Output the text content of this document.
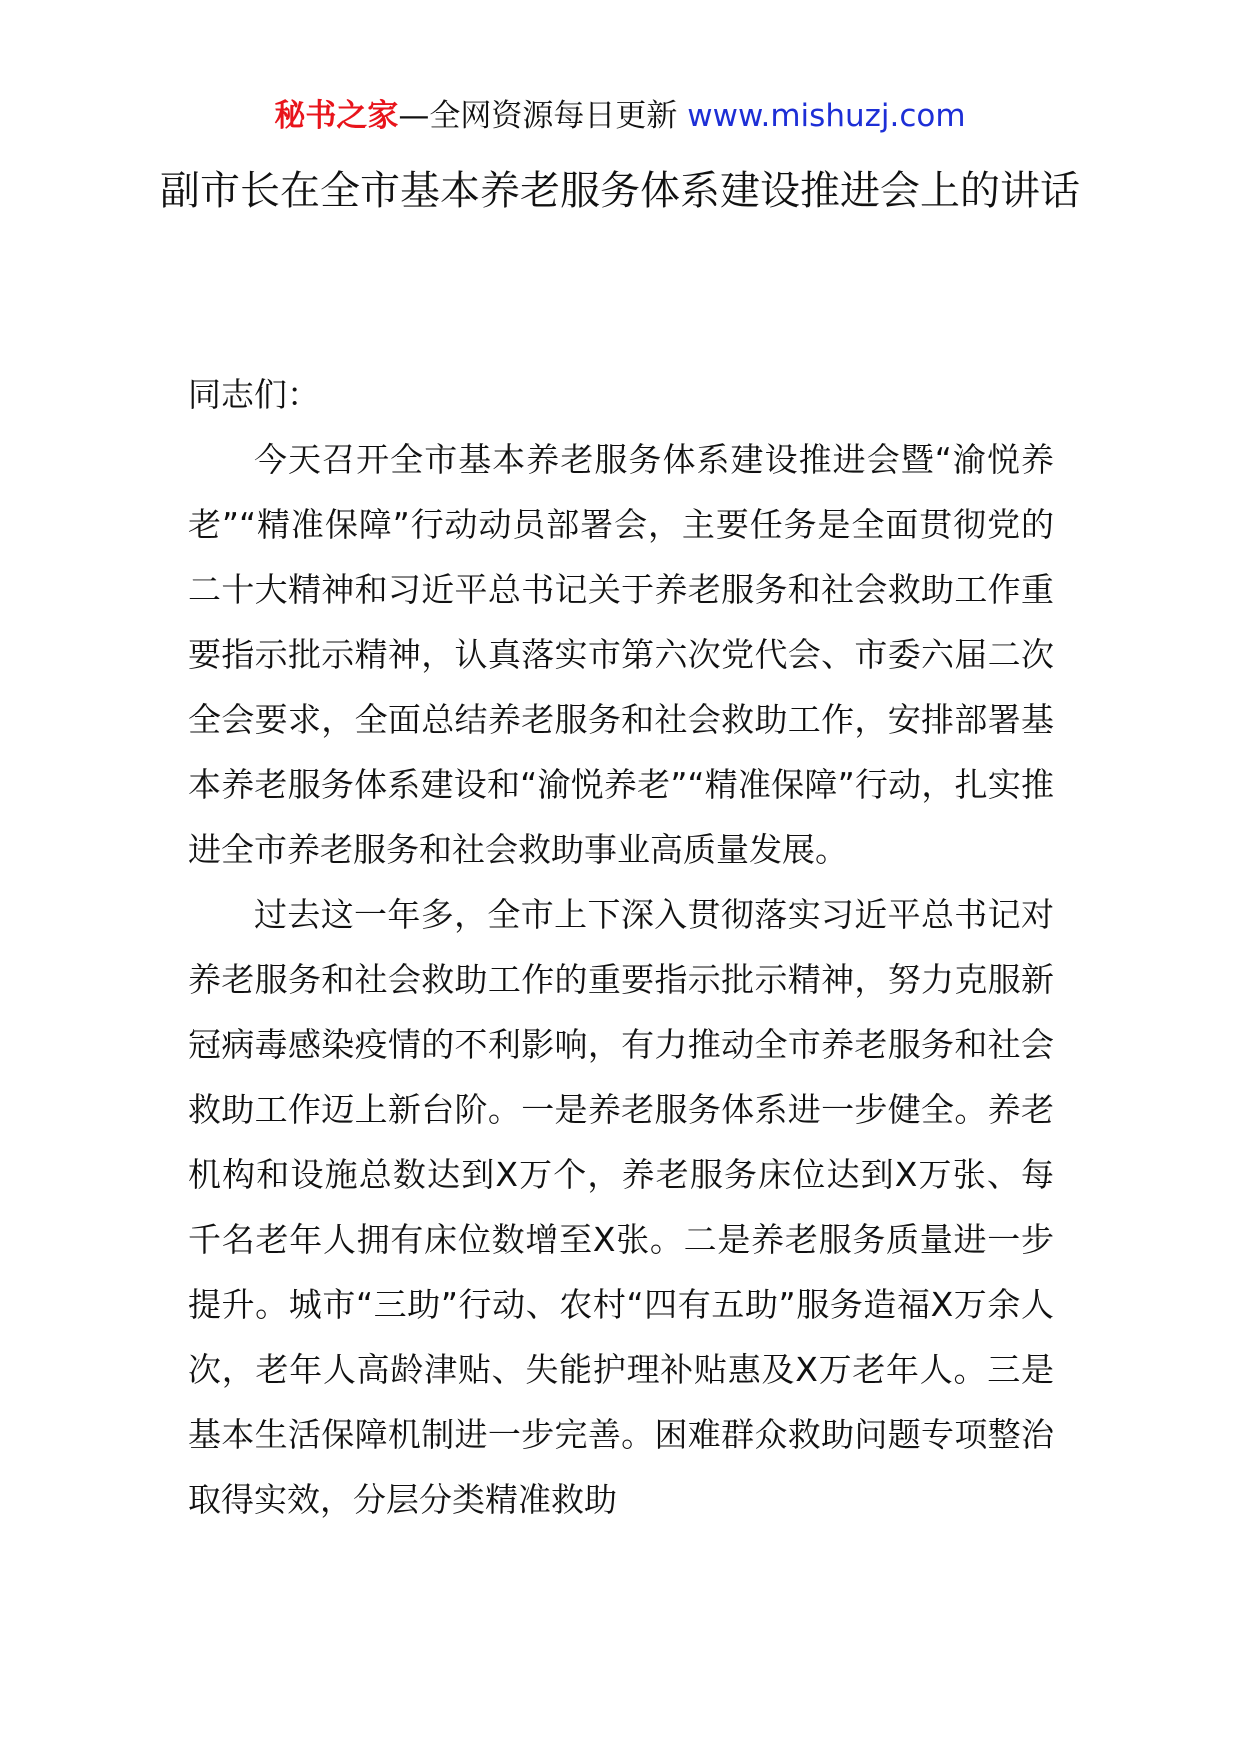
秘书之家—全网资源每日更新 www.mishuzj.com
副市长在全市基本养老服务体系建设推进会上的讲话

同志们：

今天召开全市基本养老服务体系建设推进会暨“渝悦养老”“精准保障”行动动员部署会，主要任务是全面贯彻党的二十大精神和习近平总书记关于养老服务和社会救助工作重要指示批示精神，认真落实市第六次党代会、市委六届二次全会要求，全面总结养老服务和社会救助工作，安排部署基本养老服务体系建设和“渝悦养老”“精准保障”行动，扎实推进全市养老服务和社会救助事业高质量发展。

过去这一年多，全市上下深入贯彻落实习近平总书记对养老服务和社会救助工作的重要指示批示精神，努力克服新冠病毒感染疫情的不利影响，有力推动全市养老服务和社会救助工作迈上新台阶。一是养老服务体系进一步健全。养老机构和设施总数达到X万个，养老服务床位达到X万张、每千名老年人拥有床位数增至X张。二是养老服务质量进一步提升。城市“三助”行动、农村“四有五助”服务造福X万余人次，老年人高龄津贴、失能护理补贴惠及X万老年人。三是基本生活保障机制进一步完善。困难群众救助问题专项整治取得实效，分层分类精准救助
